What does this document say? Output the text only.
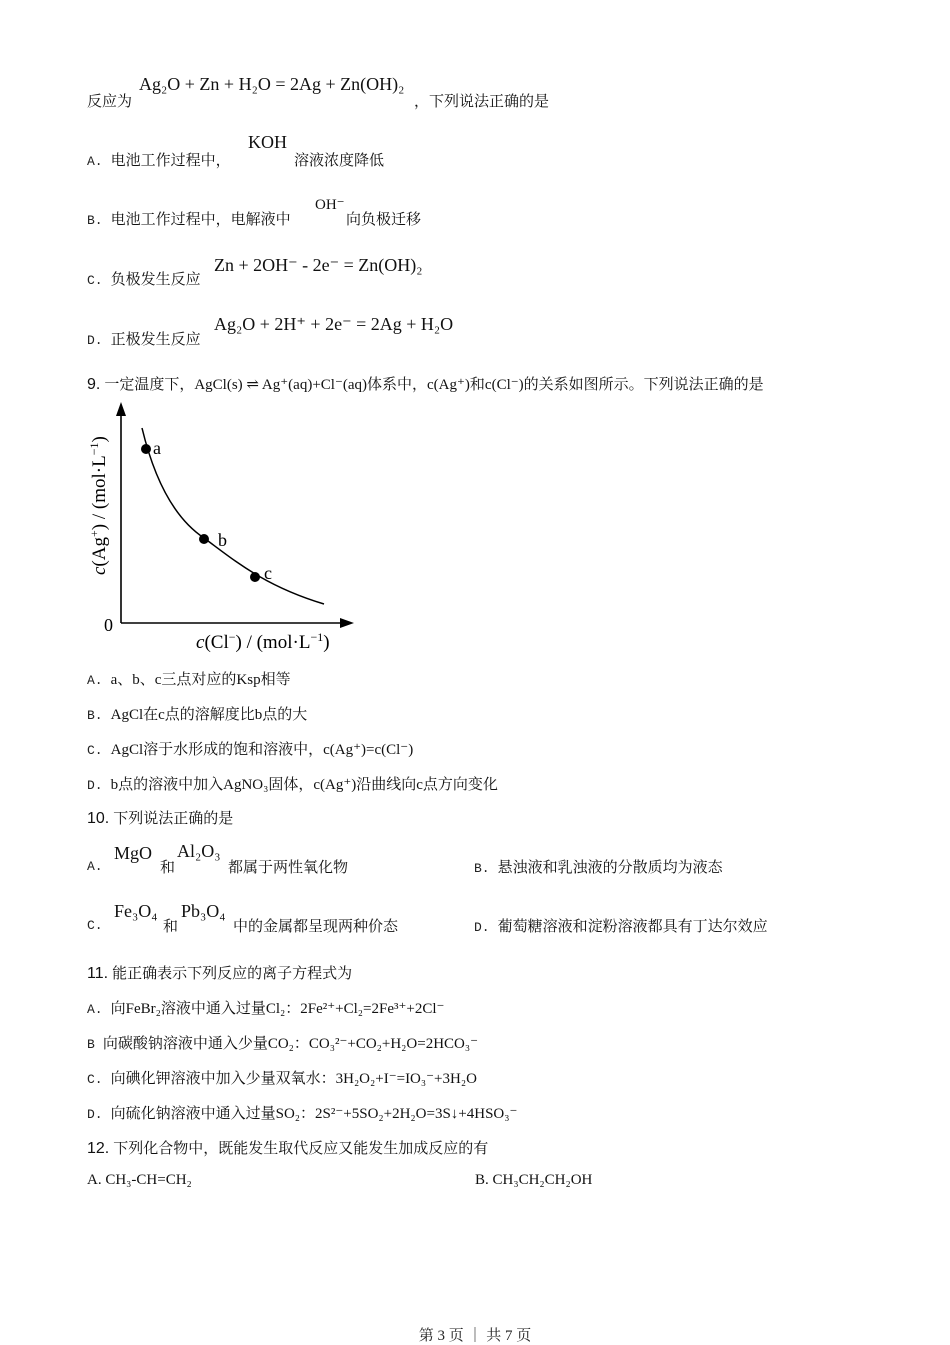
反应为
Ag₂O + Zn + H₂O = 2Ag + Zn(OH)₂
，下列说法正确的是
A. 电池工作过程中，
KOH
溶液浓度降低
B. 电池工作过程中，电解液中
OH⁻
向负极迁移
C. 负极发生反应
Zn + 2OH⁻ - 2e⁻ = Zn(OH)₂
D. 正极发生反应
Ag₂O + 2H⁺ + 2e⁻ = 2Ag + H₂O
9. 一定温度下，AgCl(s) ⇌ Ag⁺(aq)+Cl⁻(aq)体系中，c(Ag⁺)和c(Cl⁻)的关系如图所示。下列说法正确的是
a
b
c
0
$c(Cl^-) / (mol\cdot L^{-1})$
$c(Ag^+) / (mol\cdot L^{-1})$
A. a、b、c三点对应的Ksp相等
B. AgCl在c点的溶解度比b点的大
C. AgCl溶于水形成的饱和溶液中，c(Ag⁺)=c(Cl⁻)
D. b点的溶液中加入AgNO₃固体，c(Ag⁺)沿曲线向c点方向变化
10. 下列说法正确的是
A.
MgO
和
Al₂O₃
都属于两性氧化物	B. 悬浊液和乳浊液的分散质均为液态
C.
Fe₃O₄
和
Pb₃O₄
中的金属都呈现两种价态	D. 葡萄糖溶液和淀粉溶液都具有丁达尔效应
11. 能正确表示下列反应的离子方程式为
A. 向FeBr₂溶液中通入过量Cl₂：2Fe²⁺+Cl₂=2Fe³⁺+2Cl⁻
B 向碳酸钠溶液中通入少量CO₂：CO₃²⁻+CO₂+H₂O=2HCO₃⁻
C. 向碘化钾溶液中加入少量双氧水：3H₂O₂+I⁻=IO₃⁻+3H₂O
D. 向硫化钠溶液中通入过量SO₂：2S²⁻+5SO₂+2H₂O=3S↓+4HSO₃⁻
12. 下列化合物中，既能发生取代反应又能发生加成反应的有
A. CH₃-CH=CH₂	B. CH₃CH₂CH₂OH
第 3 页 ｜ 共 7 页
